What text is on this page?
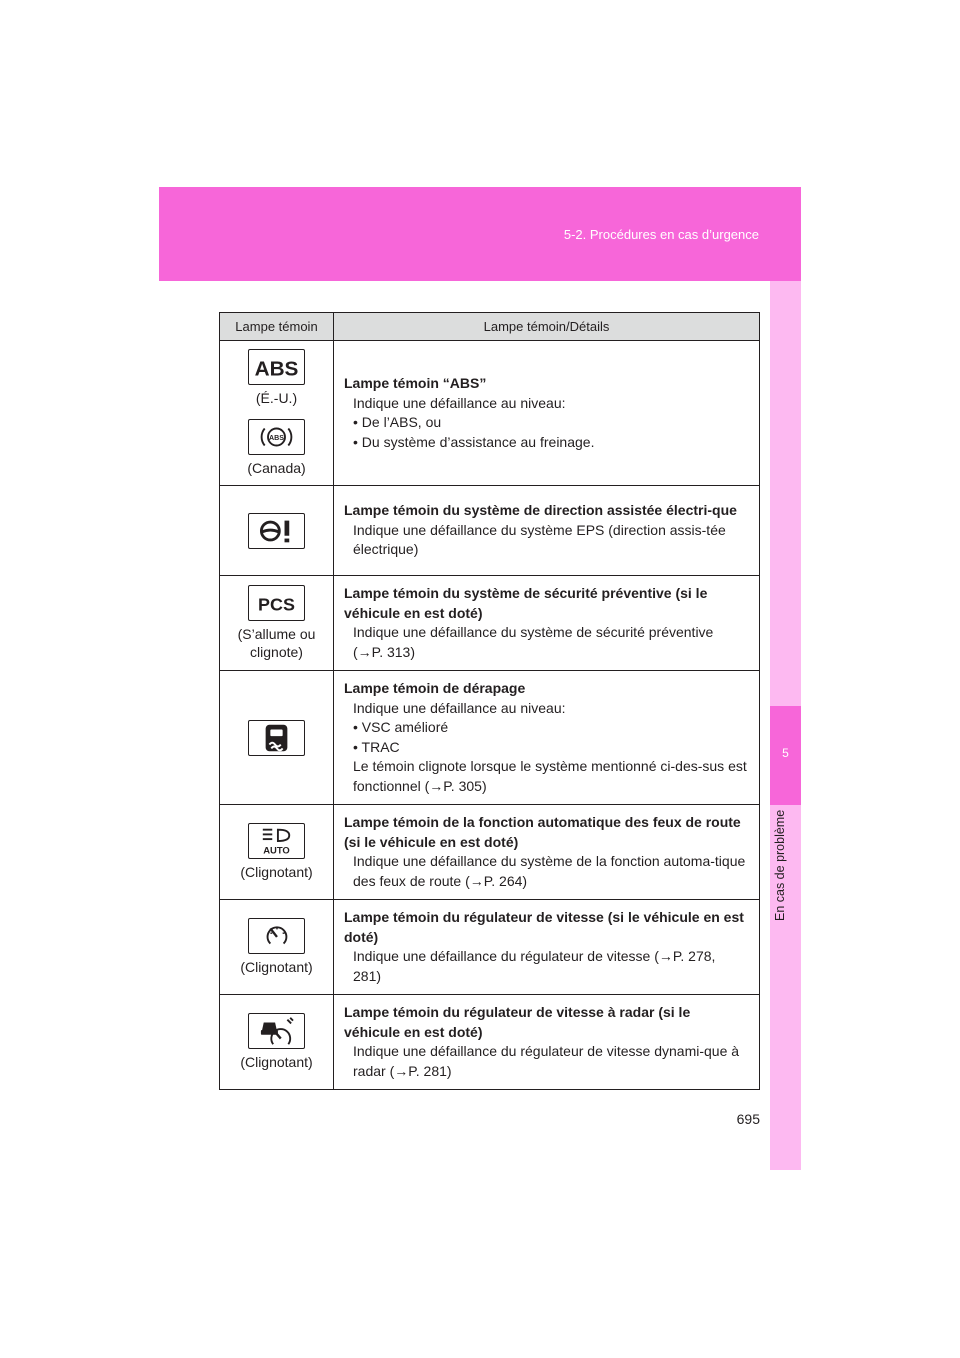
5-2. Procédures en cas d’urgence
5
En cas de problème
Lampe témoin	Lampe témoin/Détails

ABS
(É.-U.)
ABS
(Canada)	Lampe témoin “ABS”
Indique une défaillance au niveau:
• De l’ABS, ou
• Du système d’assistance au freinage.

Lampe témoin du système de direction assistée électri-que
Indique une défaillance du système EPS (direction assis-tée électrique)

PCS
(S’allume ou clignote)	Lampe témoin du système de sécurité préventive (si le véhicule en est doté)
Indique une défaillance du système de sécurité préventive (→P. 313)

Lampe témoin de dérapage
Indique une défaillance au niveau:
• VSC amélioré
• TRAC
Le témoin clignote lorsque le système mentionné ci-des-sus est fonctionnel (→P. 305)

AUTO
(Clignotant)	Lampe témoin de la fonction automatique des feux de route (si le véhicule en est doté)
Indique une défaillance du système de la fonction automa-tique des feux de route (→P. 264)

(Clignotant)	Lampe témoin du régulateur de vitesse (si le véhicule en est doté)
Indique une défaillance du régulateur de vitesse (→P. 278, 281)

(Clignotant)	Lampe témoin du régulateur de vitesse à radar (si le véhicule en est doté)
Indique une défaillance du régulateur de vitesse dynami-que à radar (→P. 281)
695
